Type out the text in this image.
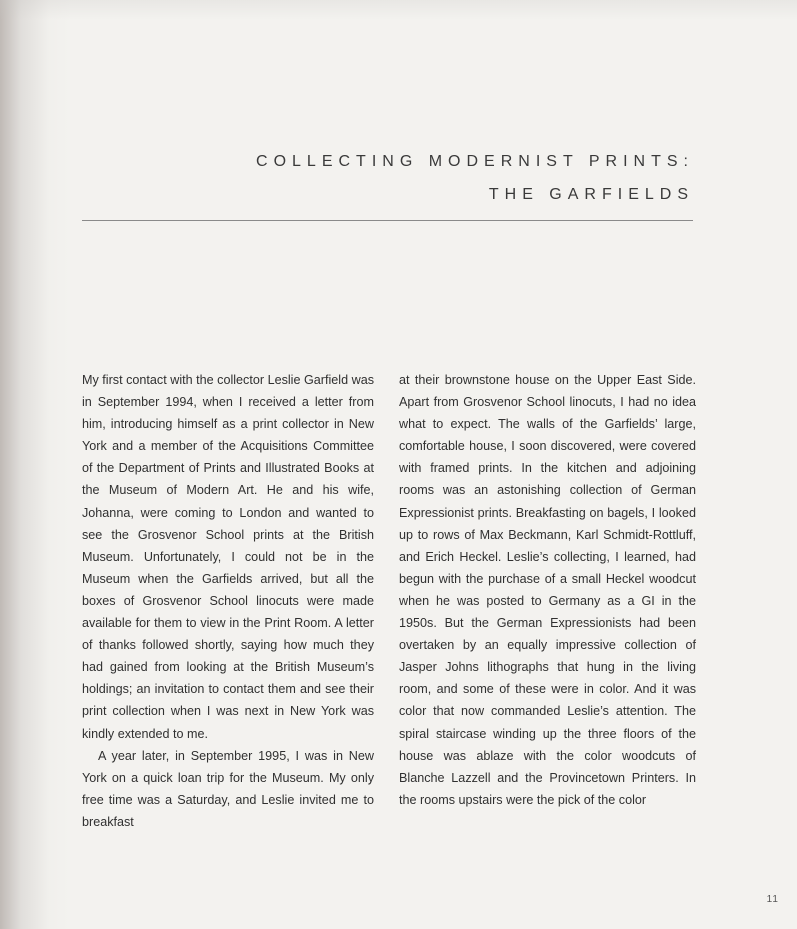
COLLECTING MODERNIST PRINTS:
THE GARFIELDS

My first contact with the collector Leslie Garfield was in September 1994, when I received a letter from him, introducing himself as a print collector in New York and a member of the Acquisitions Committee of the Department of Prints and Illustrated Books at the Museum of Modern Art. He and his wife, Johanna, were coming to London and wanted to see the Grosvenor School prints at the British Museum. Unfortunately, I could not be in the Museum when the Garfields arrived, but all the boxes of Grosvenor School linocuts were made available for them to view in the Print Room. A letter of thanks followed shortly, saying how much they had gained from looking at the British Museum’s holdings; an invitation to contact them and see their print collection when I was next in New York was kindly extended to me.

A year later, in September 1995, I was in New York on a quick loan trip for the Museum. My only free time was a Saturday, and Leslie invited me to breakfast

at their brownstone house on the Upper East Side. Apart from Grosvenor School linocuts, I had no idea what to expect. The walls of the Garfields’ large, comfortable house, I soon discovered, were covered with framed prints. In the kitchen and adjoining rooms was an astonishing collection of German Expressionist prints. Breakfasting on bagels, I looked up to rows of Max Beckmann, Karl Schmidt-Rottluff, and Erich Heckel. Leslie’s collecting, I learned, had begun with the purchase of a small Heckel woodcut when he was posted to Germany as a GI in the 1950s. But the German Expressionists had been overtaken by an equally impressive collection of Jasper Johns lithographs that hung in the living room, and some of these were in color. And it was color that now commanded Leslie’s attention. The spiral staircase winding up the three floors of the house was ablaze with the color woodcuts of Blanche Lazzell and the Provincetown Printers. In the rooms upstairs were the pick of the color

11
